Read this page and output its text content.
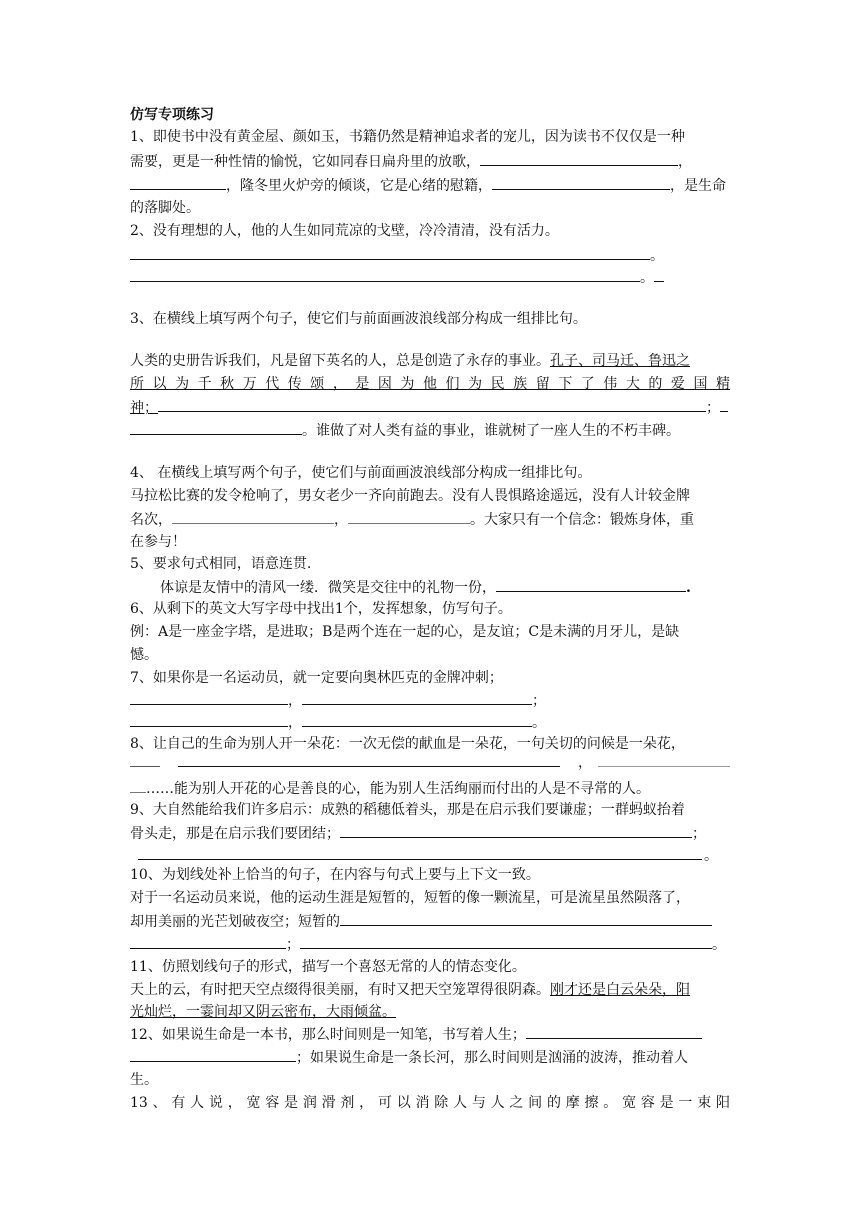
仿写专项练习
1、即使书中没有黄金屋、颜如玉，书籍仍然是精神追求者的宠儿，因为读书不仅仅是一种
需要，更是一种性情的愉悦，它如同春日扁舟里的放歌，	，
，隆冬里火炉旁的倾谈，它是心绪的慰籍，	，是生命
的落脚处。
2、没有理想的人，他的人生如同荒凉的戈壁，冷冷清清，没有活力。
。
。
3、在横线上填写两个句子，使它们与前面画波浪线部分构成一组排比句。
人类的史册告诉我们，凡是留下英名的人，总是创造了永存的事业。孔子、司马迁、鲁迅之
所以为千秋万代传颂，是因为他们为民族留下了伟大的爱国精
神；	；
。谁做了对人类有益的事业，谁就树了一座人生的不朽丰碑。
4、 在横线上填写两个句子，使它们与前面画波浪线部分构成一组排比句。
马拉松比赛的发令枪响了，男女老少一齐向前跑去。没有人畏惧路途遥远，没有人计较金牌
名次，	，	。大家只有一个信念：锻炼身体，重
在参与！
5、要求句式相同，语意连贯.
体谅是友情中的清风一缕．微笑是交往中的礼物一份，	.
6、从剩下的英文大写字母中找出1个，发挥想象，仿写句子。
例：A是一座金字塔，是进取；B是两个连在一起的心，是友谊；C是未满的月牙儿，是缺
憾。
7、如果你是一名运动员，就一定要向奥林匹克的金牌冲刺；
，	；
，	。
8、让自己的生命为别人开一朵花：一次无偿的献血是一朵花，一句关切的问候是一朵花，
，
……能为别人开花的心是善良的心，能为别人生活绚丽而付出的人是不寻常的人。
9、大自然能给我们许多启示：成熟的稻穗低着头，那是在启示我们要谦虚；一群蚂蚁抬着
骨头走，那是在启示我们要团结；	；
。
10、为划线处补上恰当的句子，在内容与句式上要与上下文一致。
对于一名运动员来说，他的运动生涯是短暂的，短暂的像一颗流星，可是流星虽然陨落了，
却用美丽的光芒划破夜空；短暂的
；	。
11、仿照划线句子的形式，描写一个喜怒无常的人的情态变化。
天上的云，有时把天空点缀得很美丽，有时又把天空笼罩得很阴森。刚才还是白云朵朵，阳
光灿烂，一霎间却又阴云密布，大雨倾盆。
12、如果说生命是一本书，那么时间则是一知笔，书写着人生；
；如果说生命是一条长河，那么时间则是汹涌的波涛，推动着人
生。
13、有人说，宽容是润滑剂，可以消除人与人之间的摩擦。宽容是一束阳
